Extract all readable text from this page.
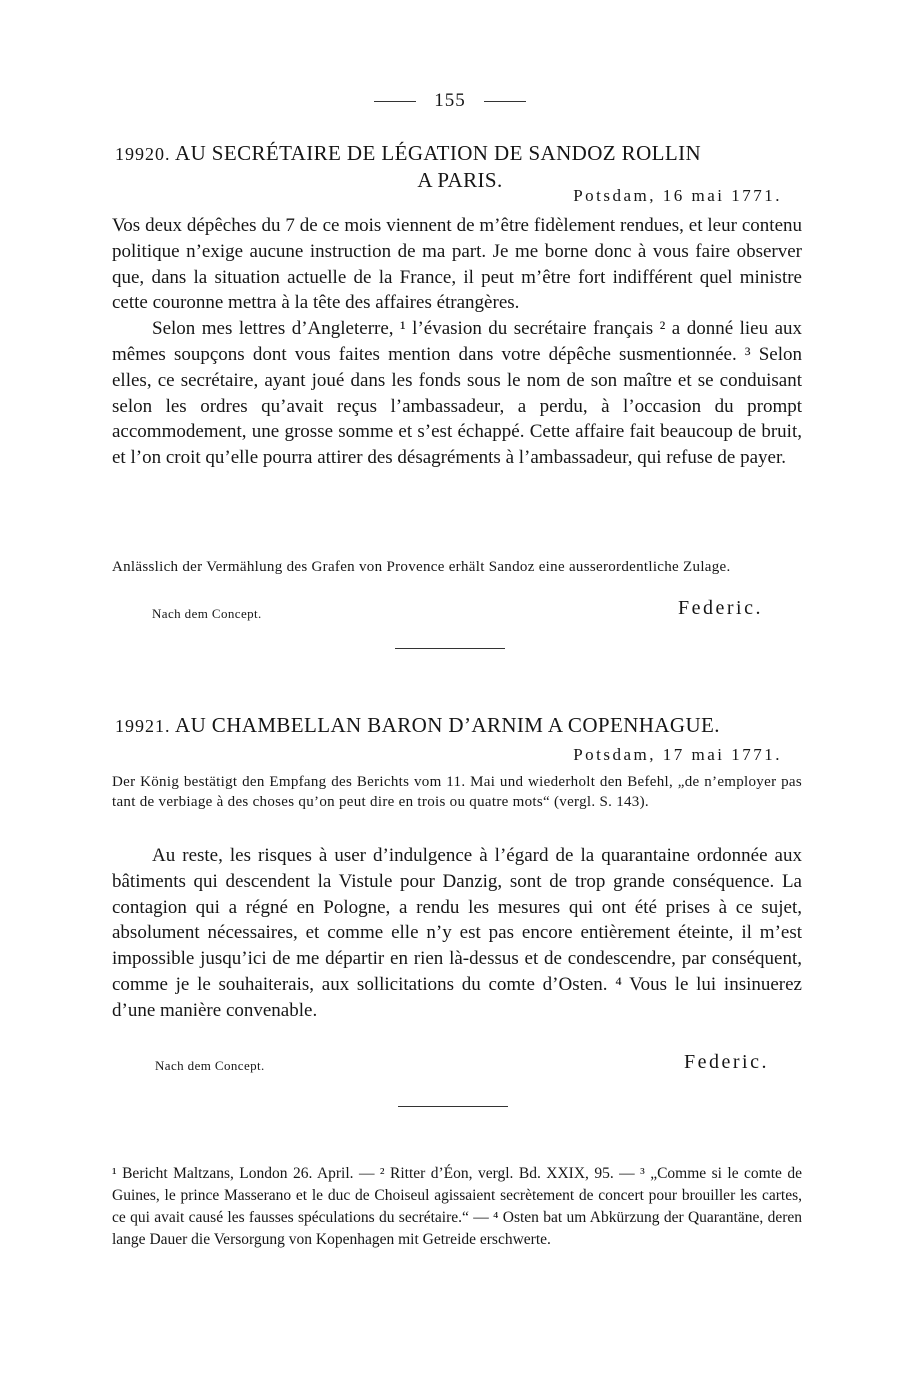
155
19920. AU SECRÉTAIRE DE LÉGATION DE SANDOZ ROLLIN
A PARIS.
Potsdam, 16 mai 1771.

Vos deux dépêches du 7 de ce mois viennent de m’être fidèlement rendues, et leur contenu politique n’exige aucune instruction de ma part. Je me borne donc à vous faire observer que, dans la situation actuelle de la France, il peut m’être fort indifférent quel ministre cette couronne mettra à la tête des affaires étrangères.

Selon mes lettres d’Angleterre, ¹ l’évasion du secrétaire français ² a donné lieu aux mêmes soupçons dont vous faites mention dans votre dépêche susmentionnée. ³ Selon elles, ce secrétaire, ayant joué dans les fonds sous le nom de son maître et se conduisant selon les ordres qu’avait reçus l’ambassadeur, a perdu, à l’occasion du prompt accommodement, une grosse somme et s’est échappé. Cette affaire fait beaucoup de bruit, et l’on croit qu’elle pourra attirer des désagréments à l’ambassadeur, qui refuse de payer.

Anlässlich der Vermählung des Grafen von Provence erhält Sandoz eine ausserordentliche Zulage.

Nach dem Concept.	Federic.
19921. AU CHAMBELLAN BARON D’ARNIM A COPENHAGUE.
Potsdam, 17 mai 1771.

Der König bestätigt den Empfang des Berichts vom 11. Mai und wiederholt den Befehl, „de n’employer pas tant de verbiage à des choses qu’on peut dire en trois ou quatre mots“ (vergl. S. 143).

Au reste, les risques à user d’indulgence à l’égard de la quarantaine ordonnée aux bâtiments qui descendent la Vistule pour Danzig, sont de trop grande conséquence. La contagion qui a régné en Pologne, a rendu les mesures qui ont été prises à ce sujet, absolument nécessaires, et comme elle n’y est pas encore entièrement éteinte, il m’est impossible jusqu’ici de me départir en rien là-dessus et de condescendre, par conséquent, comme je le souhaiterais, aux sollicitations du comte d’Osten. ⁴ Vous le lui insinuerez d’une manière convenable.

Nach dem Concept.	Federic.
¹ Bericht Maltzans, London 26. April. — ² Ritter d’Éon, vergl. Bd. XXIX, 95. — ³ „Comme si le comte de Guines, le prince Masserano et le duc de Choiseul agissaient secrètement de concert pour brouiller les cartes, ce qui avait causé les fausses spéculations du secrétaire.“ — ⁴ Osten bat um Abkürzung der Quarantäne, deren lange Dauer die Versorgung von Kopenhagen mit Getreide erschwerte.
